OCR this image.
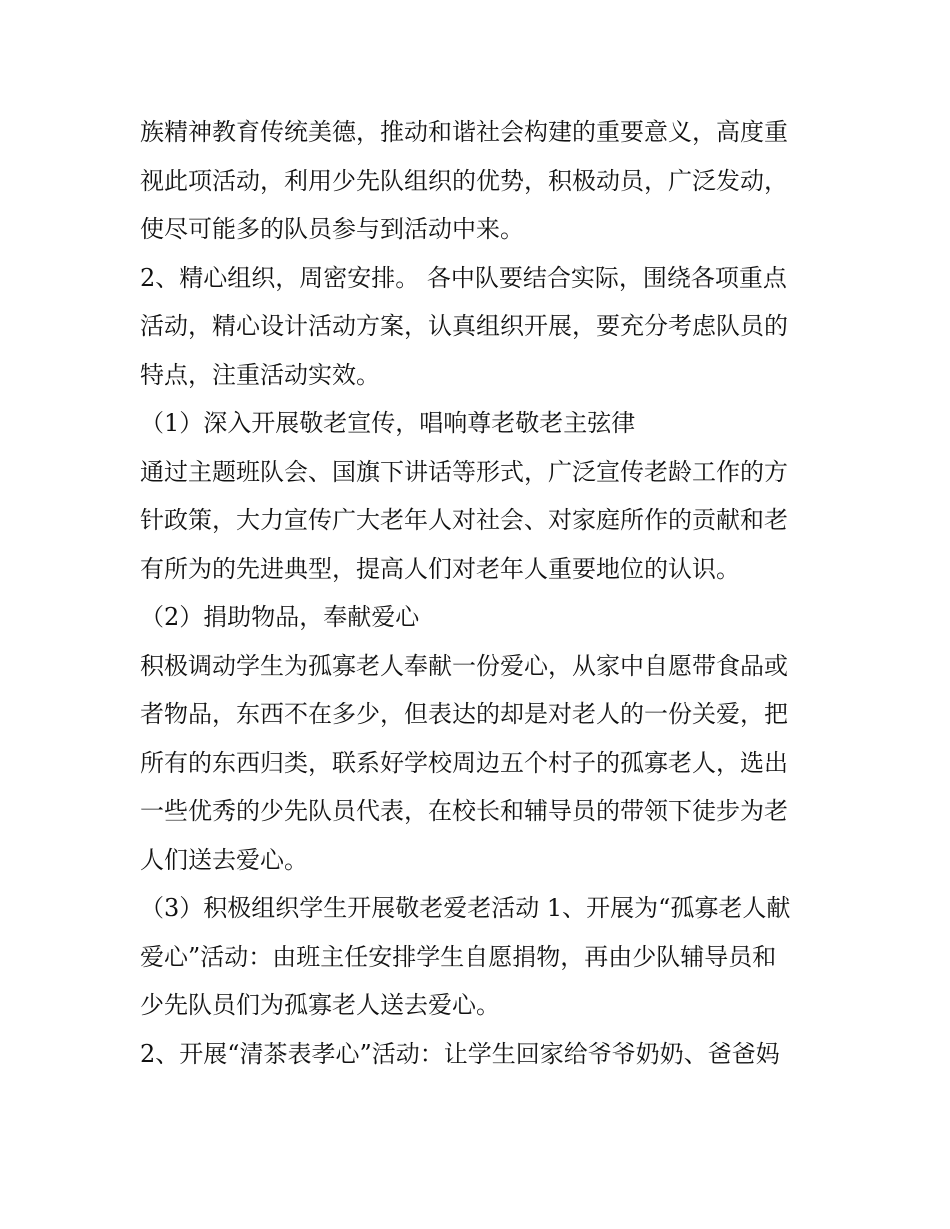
族精神教育传统美德，推动和谐社会构建的重要意义，高度重
视此项活动，利用少先队组织的优势，积极动员，广泛发动，
使尽可能多的队员参与到活动中来。
2、精心组织，周密安排。 各中队要结合实际，围绕各项重点
活动，精心设计活动方案，认真组织开展，要充分考虑队员的
特点，注重活动实效。
（1）深入开展敬老宣传，唱响尊老敬老主弦律
通过主题班队会、国旗下讲话等形式，广泛宣传老龄工作的方
针政策，大力宣传广大老年人对社会、对家庭所作的贡献和老
有所为的先进典型，提高人们对老年人重要地位的认识。
（2）捐助物品，奉献爱心
积极调动学生为孤寡老人奉献一份爱心，从家中自愿带食品或
者物品，东西不在多少，但表达的却是对老人的一份关爱，把
所有的东西归类，联系好学校周边五个村子的孤寡老人，选出
一些优秀的少先队员代表，在校长和辅导员的带领下徒步为老
人们送去爱心。
（3）积极组织学生开展敬老爱老活动 1、开展为“孤寡老人献
爱心”活动：由班主任安排学生自愿捐物，再由少队辅导员和
少先队员们为孤寡老人送去爱心。
2、开展“清茶表孝心”活动：让学生回家给爷爷奶奶、爸爸妈
